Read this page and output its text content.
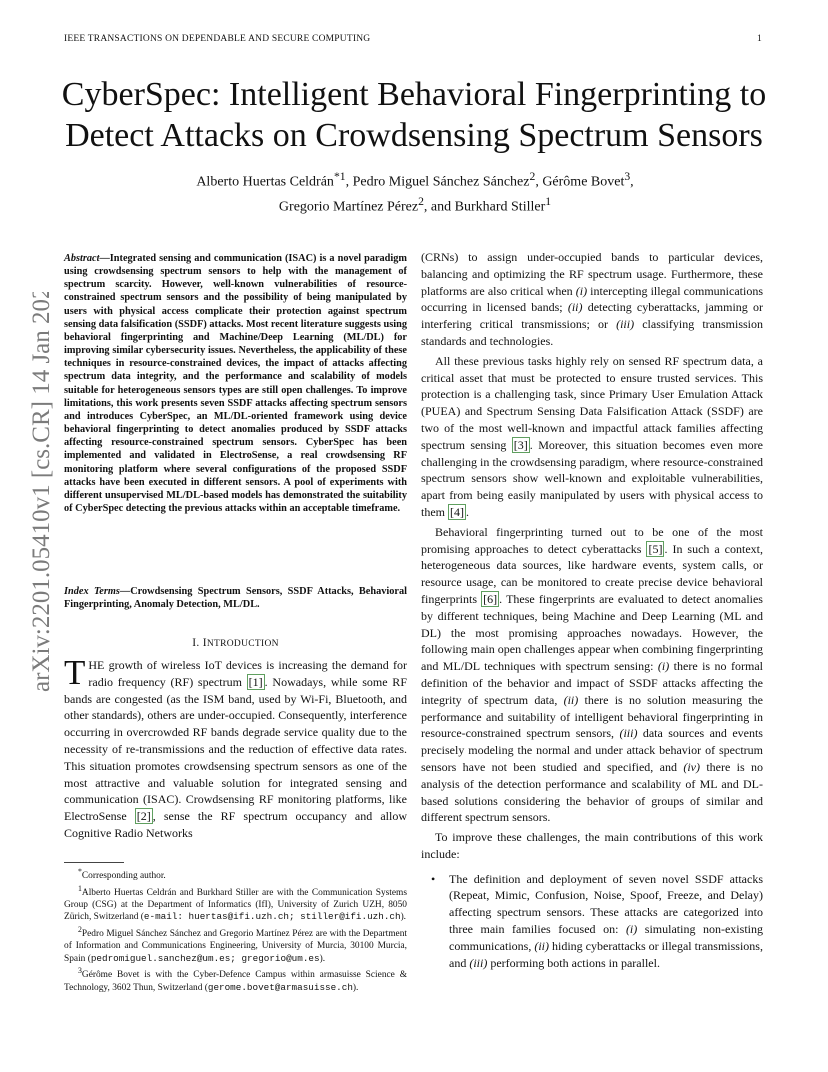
IEEE TRANSACTIONS ON DEPENDABLE AND SECURE COMPUTING	1
arXiv:2201.05410v1 [cs.CR] 14 Jan 2022
CyberSpec: Intelligent Behavioral Fingerprinting to
Detect Attacks on Crowdsensing Spectrum Sensors
Alberto Huertas Celdrán$^{*1}$, Pedro Miguel Sánchez Sánchez$^2$, Gérôme Bovet$^3$,
Gregorio Martínez Pérez$^2$, and Burkhard Stiller$^1$
Abstract—Integrated sensing and communication (ISAC) is a novel paradigm using crowdsensing spectrum sensors to help with the management of spectrum scarcity. However, well-known vulnerabilities of resource-constrained spectrum sensors and the possibility of being manipulated by users with physical access complicate their protection against spectrum sensing data falsification (SSDF) attacks. Most recent literature suggests using behavioral fingerprinting and Machine/Deep Learning (ML/DL) for improving similar cybersecurity issues. Nevertheless, the applicability of these techniques in resource-constrained devices, the impact of attacks affecting spectrum data integrity, and the performance and scalability of models suitable for heterogeneous sensors types are still open challenges. To improve limitations, this work presents seven SSDF attacks affecting spectrum sensors and introduces CyberSpec, an ML/DL-oriented framework using device behavioral fingerprinting to detect anomalies produced by SSDF attacks affecting resource-constrained spectrum sensors. CyberSpec has been implemented and validated in ElectroSense, a real crowdsensing RF monitoring platform where several configurations of the proposed SSDF attacks have been executed in different sensors. A pool of experiments with different unsupervised ML/DL-based models has demonstrated the suitability of CyberSpec detecting the previous attacks within an acceptable timeframe.
Index Terms—Crowdsensing Spectrum Sensors, SSDF Attacks, Behavioral Fingerprinting, Anomaly Detection, ML/DL.
I. INTRODUCTION
THE growth of wireless IoT devices is increasing the demand for radio frequency (RF) spectrum [1] . Nowadays, while some RF bands are congested (as the ISM band, used by Wi-Fi, Bluetooth, and other standards), others are under-occupied. Consequently, interference occurring in overcrowded RF bands degrade service quality due to the necessity of re-transmissions and the reduction of effective data rates. This situation promotes crowdsensing spectrum sensors as one of the most attractive and valuable solution for integrated sensing and communication (ISAC). Crowdsensing RF monitoring platforms, like ElectroSense [2] , sense the RF spectrum occupancy and allow Cognitive Radio Networks

*Corresponding author.

$^1$Alberto Huertas Celdrán and Burkhard Stiller are with the Communication Systems Group (CSG) at the Department of Informatics (IfI), University of Zurich UZH, 8050 Zürich, Switzerland (e-mail: huertas@ifi.uzh.ch; stiller@ifi.uzh.ch).

$^2$Pedro Miguel Sánchez Sánchez and Gregorio Martínez Pérez are with the Department of Information and Communications Engineering, University of Murcia, 30100 Murcia, Spain (pedromiguel.sanchez@um.es; gregorio@um.es).

$^3$Gérôme Bovet is with the Cyber-Defence Campus within armasuisse Science & Technology, 3602 Thun, Switzerland (gerome.bovet@armasuisse.ch).

(CRNs) to assign under-occupied bands to particular devices, balancing and optimizing the RF spectrum usage. Furthermore, these platforms are also critical when (i) intercepting illegal communications occurring in licensed bands; (ii) detecting cyberattacks, jamming or interfering critical transmissions; or (iii) classifying transmission standards and technologies.

All these previous tasks highly rely on sensed RF spectrum data, a critical asset that must be protected to ensure trusted services. This protection is a challenging task, since Primary User Emulation Attack (PUEA) and Spectrum Sensing Data Falsification Attack (SSDF) are two of the most well-known and impactful attack families affecting spectrum sensing [3] . Moreover, this situation becomes even more challenging in the crowdsensing paradigm, where resource-constrained spectrum sensors show well-known and exploitable vulnerabilities, apart from being easily manipulated by users with physical access to them [4] .

Behavioral fingerprinting turned out to be one of the most promising approaches to detect cyberattacks [5] . In such a context, heterogeneous data sources, like hardware events, system calls, or resource usage, can be monitored to create precise device behavioral fingerprints [6] . These fingerprints are evaluated to detect anomalies by different techniques, being Machine and Deep Learning (ML and DL) the most promising approaches nowadays. However, the following main open challenges appear when combining fingerprinting and ML/DL techniques with spectrum sensing: (i) there is no formal definition of the behavior and impact of SSDF attacks affecting the integrity of spectrum data, (ii) there is no solution measuring the performance and suitability of intelligent behavioral fingerprinting in resource-constrained spectrum sensors, (iii) data sources and events precisely modeling the normal and under attack behavior of spectrum sensors have not been studied and specified, and (iv) there is no analysis of the detection performance and scalability of ML and DL-based solutions considering the behavior of groups of similar and different spectrum sensors.

To improve these challenges, the main contributions of this work include:

• The definition and deployment of seven novel SSDF attacks (Repeat, Mimic, Confusion, Noise, Spoof, Freeze, and Delay) affecting spectrum sensors. These attacks are categorized into three main families focused on: (i) simulating non-existing communications, (ii) hiding cyberattacks or illegal transmissions, and (iii) performing both actions in parallel.
